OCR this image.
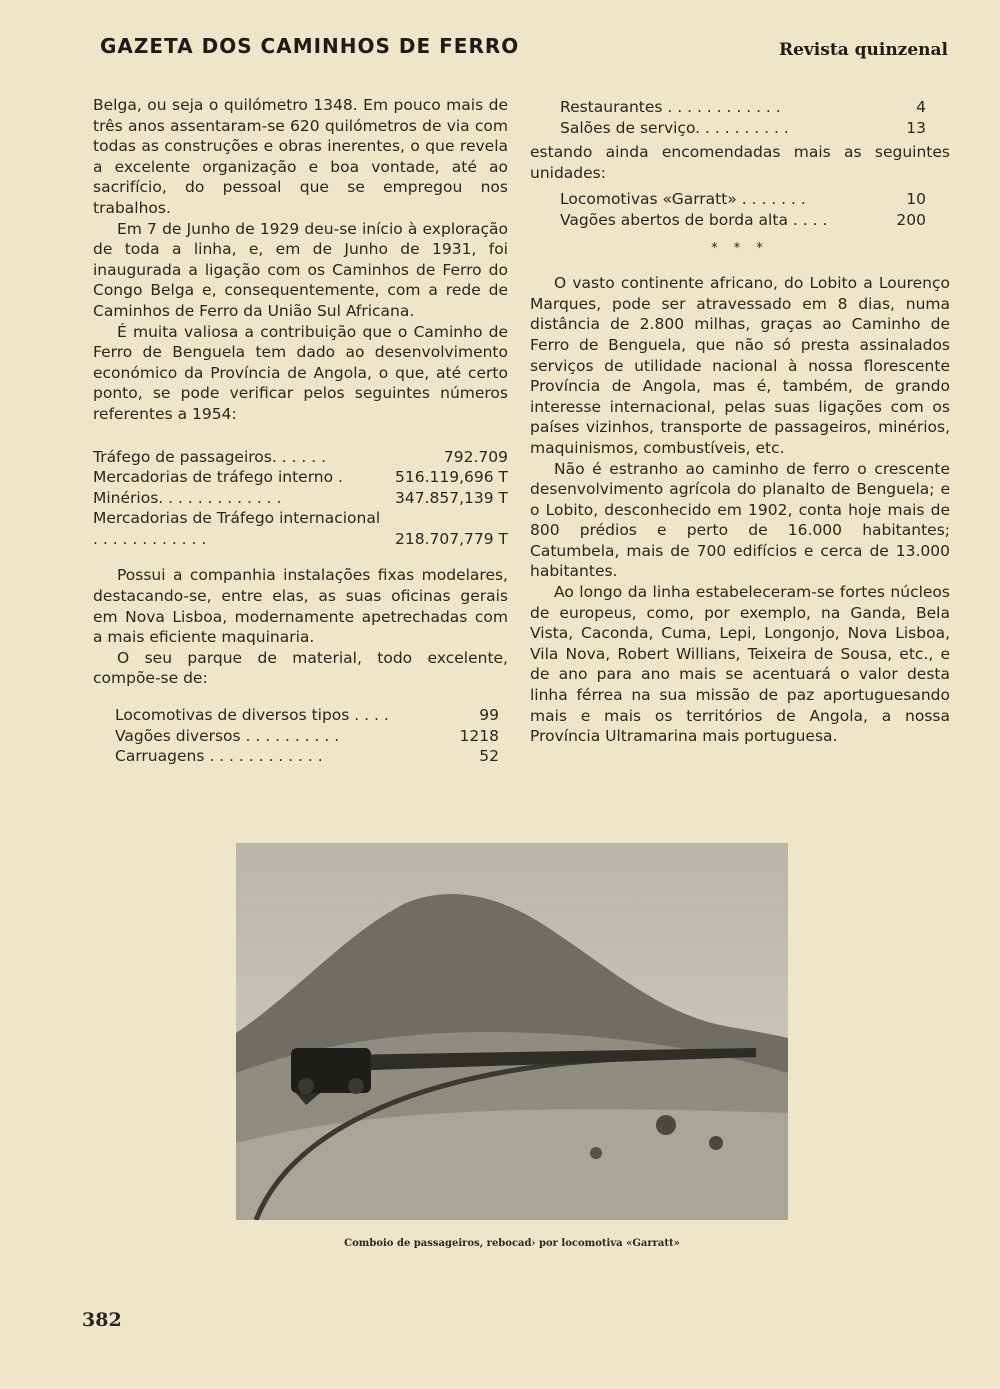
GAZETA DOS CAMINHOS DE FERRO	Revista quinzenal

Belga, ou seja o quilómetro 1348. Em pouco mais de três anos assentaram-se 620 quilómetros de via com todas as construções e obras inerentes, o que revela a excelente organização e boa vontade, até ao sacrifício, do pessoal que se empregou nos trabalhos.

Em 7 de Junho de 1929 deu-se início à exploração de toda a linha, e, em de Junho de 1931, foi inaugurada a ligação com os Caminhos de Ferro do Congo Belga e, consequentemente, com a rede de Caminhos de Ferro da União Sul Africana.

É muita valiosa a contribuição que o Caminho de Ferro de Benguela tem dado ao desenvolvimento económico da Província de Angola, o que, até certo ponto, se pode verificar pelos seguintes números referentes a 1954:

Tráfego de passageiros. . . . . .	792.709
Mercadorias de tráfego interno .	516.119,696 T
Minérios. . . . . . . . . . . . .	347.857,139 T
Mercadorias de Tráfego internacional . . . . . . . . . . . .	218.707,779 T

Possui a companhia instalações fixas modelares, destacando-se, entre elas, as suas oficinas gerais em Nova Lisboa, modernamente apetrechadas com a mais eficiente maquinaria.

O seu parque de material, todo excelente, compõe-se de:

Locomotivas de diversos tipos . . . .	99
Vagões diversos . . . . . . . . . .	1218
Carruagens . . . . . . . . . . . .	52
Restaurantes . . . . . . . . . . . .	4
Salões de serviço. . . . . . . . . .	13

estando ainda encomendadas mais as seguintes unidades:

Locomotivas «Garratt» . . . . . . .	10
Vagões abertos de borda alta . . . .	200
* * *

O vasto continente africano, do Lobito a Lourenço Marques, pode ser atravessado em 8 dias, numa distância de 2.800 milhas, graças ao Caminho de Ferro de Benguela, que não só presta assinalados serviços de utilidade nacional à nossa florescente Província de Angola, mas é, também, de grando interesse internacional, pelas suas ligações com os países vizinhos, transporte de passageiros, minérios, maquinismos, combustíveis, etc.

Não é estranho ao caminho de ferro o crescente desenvolvimento agrícola do planalto de Benguela; e o Lobito, desconhecido em 1902, conta hoje mais de 800 prédios e perto de 16.000 habitantes; Catumbela, mais de 700 edifícios e cerca de 13.000 habitantes.

Ao longo da linha estabeleceram-se fortes núcleos de europeus, como, por exemplo, na Ganda, Bela Vista, Caconda, Cuma, Lepi, Longonjo, Nova Lisboa, Vila Nova, Robert Willians, Teixeira de Sousa, etc., e de ano para ano mais se acentuará o valor desta linha férrea na sua missão de paz aportuguesando mais e mais os territórios de Angola, a nossa Província Ultramarina mais portuguesa.

Comboio de passageiros, rebocad› por locomotiva «Garratt»
382
